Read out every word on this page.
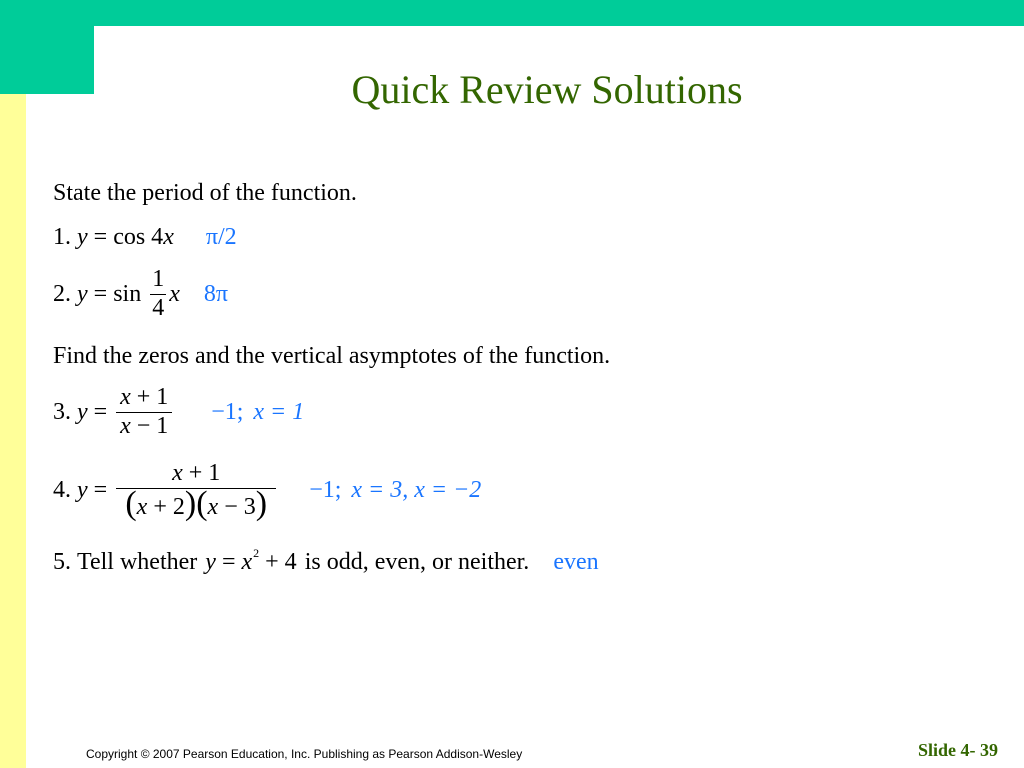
Quick Review Solutions
State the period of the function.
1. y = cos 4x π/2
2. $y = \sin \frac{1}{4}$ x 8π
Find the zeros and the vertical asymptotes of the function.
3. $y = \frac{x + 1}{x - 1} -1$; x = 1
4. $y = \frac{x + 1}{(x + 2)(x - 3)} -1$; x = 3, x = −2
5. Tell whether $y = x^2 + 4$ is odd, even, or neither. even
Copyright © 2007 Pearson Education, Inc. Publishing as Pearson Addison-Wesley	Slide 4- 39
